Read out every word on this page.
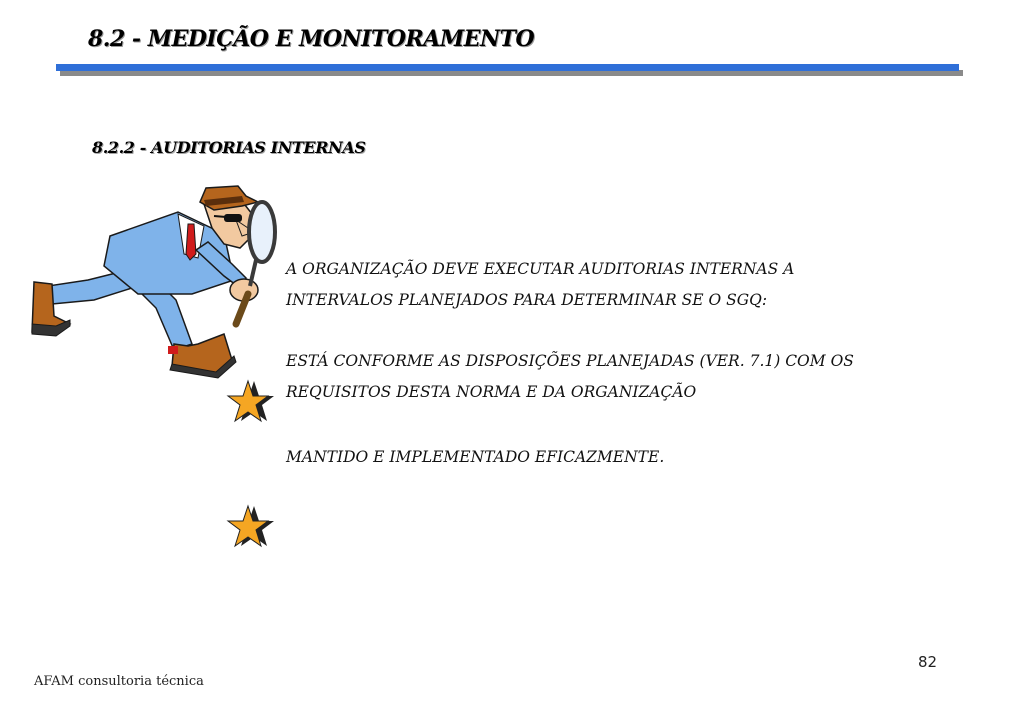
8.2 - MEDIÇÃO E MONITORAMENTO
8.2.2 - AUDITORIAS INTERNAS

A ORGANIZAÇÃO DEVE EXECUTAR AUDITORIAS INTERNAS A
INTERVALOS PLANEJADOS PARA DETERMINAR SE O SGQ:

ESTÁ CONFORME AS DISPOSIÇÕES PLANEJADAS (VER. 7.1) COM OS
REQUISITOS DESTA NORMA E DA ORGANIZAÇÃO

MANTIDO E IMPLEMENTADO EFICAZMENTE.

82
AFAM consultoria técnica
